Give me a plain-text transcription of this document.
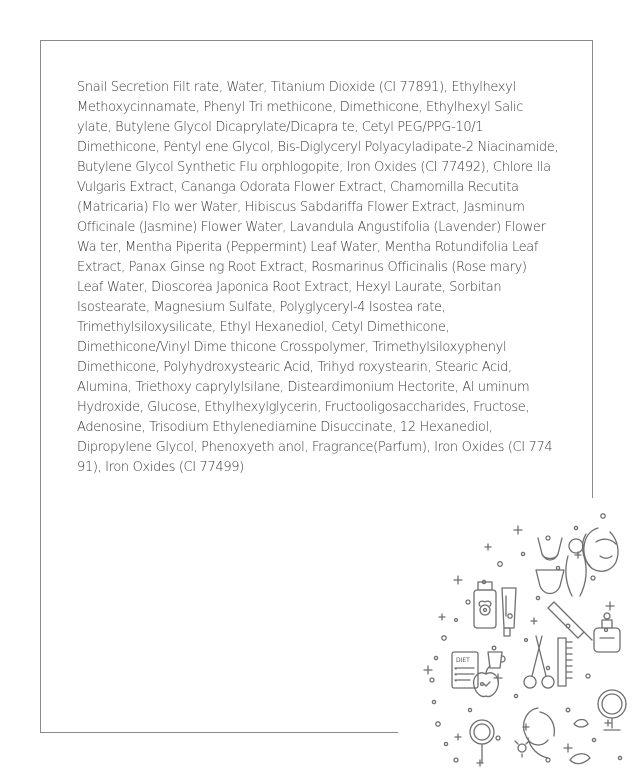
Snail Secretion Filt rate, Water, Titanium Dioxide (CI 77891), Ethylhexyl
Methoxycinnamate, Phenyl Tri methicone, Dimethicone, Ethylhexyl Salic
ylate, Butylene Glycol Dicaprylate/Dicapra te, Cetyl PEG/PPG-10/1
Dimethicone, Pentyl ene Glycol, Bis-Diglyceryl Polyacyladipate-2 Niacinamide,
Butylene Glycol Synthetic Flu orphlogopite, Iron Oxides (CI 77492), Chlore lla
Vulgaris Extract, Cananga Odorata Flower Extract, Chamomilla Recutita
(Matricaria) Flo wer Water, Hibiscus Sabdariffa Flower Extract, Jasminum
Officinale (Jasmine) Flower Water, Lavandula Angustifolia (Lavender) Flower
Wa ter, Mentha Piperita (Peppermint) Leaf Water, Mentha Rotundifolia Leaf
Extract, Panax Ginse ng Root Extract, Rosmarinus Officinalis (Rose mary)
Leaf Water, Dioscorea Japonica Root Extract, Hexyl Laurate, Sorbitan
Isostearate, Magnesium Sulfate, Polyglyceryl-4 Isostea rate,
Trimethylsiloxysilicate, Ethyl Hexanediol, Cetyl Dimethicone,
Dimethicone/Vinyl Dime thicone Crosspolymer, Trimethylsiloxyphenyl
Dimethicone, Polyhydroxystearic Acid, Trihyd roxystearin, Stearic Acid,
Alumina, Triethoxy caprylylsilane, Disteardimonium Hectorite, Al uminum
Hydroxide, Glucose, Ethylhexylglycerin, Fructooligosaccharides, Fructose,
Adenosine, Trisodium Ethylenediamine Disuccinate, 12 Hexanediol,
Dipropylene Glycol, Phenoxyeth anol, Fragrance(Parfum), Iron Oxides (CI 774
91), Iron Oxides (CI 77499)
DIET
